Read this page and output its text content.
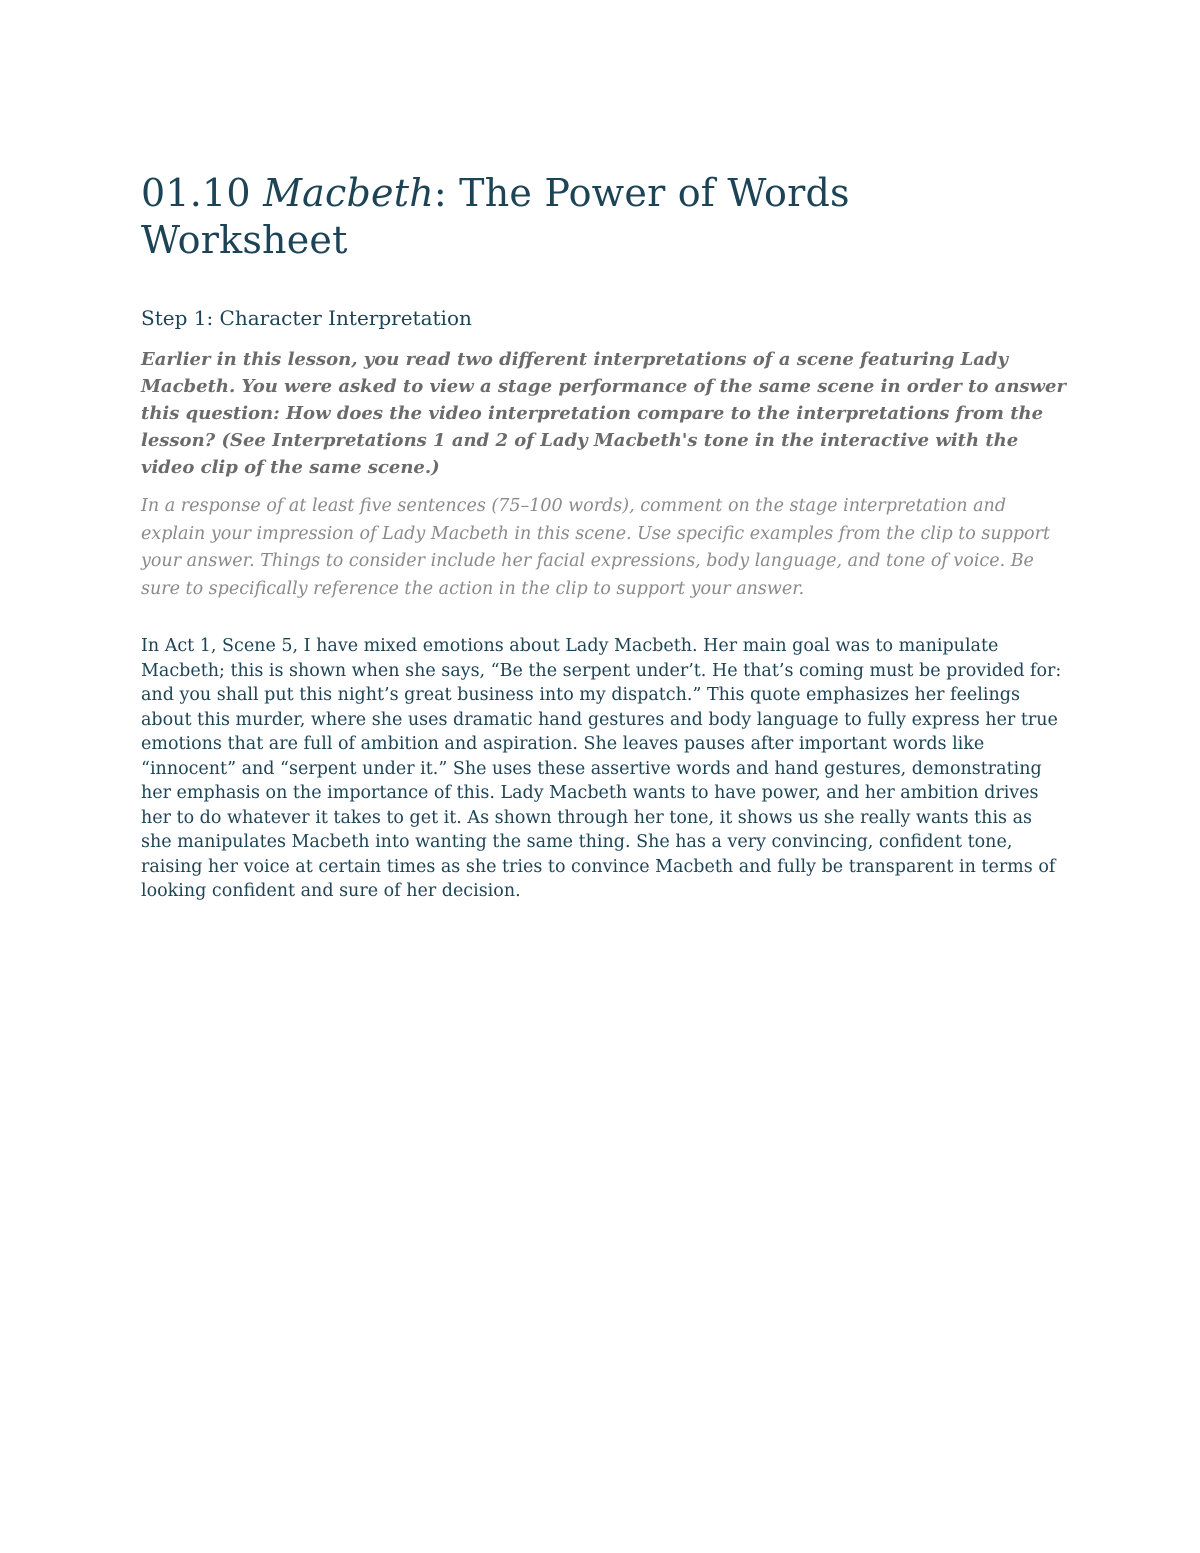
01.10 Macbeth: The Power of Words Worksheet
Step 1: Character Interpretation

Earlier in this lesson, you read two different interpretations of a scene featuring Lady Macbeth. You were asked to view a stage performance of the same scene in order to answer this question: How does the video interpretation compare to the interpretations from the lesson? (See Interpretations 1 and 2 of Lady Macbeth's tone in the interactive with the video clip of the same scene.)

In a response of at least five sentences (75–100 words), comment on the stage interpretation and explain your impression of Lady Macbeth in this scene. Use specific examples from the clip to support your answer. Things to consider include her facial expressions, body language, and tone of voice. Be sure to specifically reference the action in the clip to support your answer.

In Act 1, Scene 5, I have mixed emotions about Lady Macbeth. Her main goal was to manipulate Macbeth; this is shown when she says, “Be the serpent under’t. He that’s coming must be provided for: and you shall put this night’s great business into my dispatch.” This quote emphasizes her feelings about this murder, where she uses dramatic hand gestures and body language to fully express her true emotions that are full of ambition and aspiration. She leaves pauses after important words like “innocent” and “serpent under it.” She uses these assertive words and hand gestures, demonstrating her emphasis on the importance of this. Lady Macbeth wants to have power, and her ambition drives her to do whatever it takes to get it. As shown through her tone, it shows us she really wants this as she manipulates Macbeth into wanting the same thing. She has a very convincing, confident tone, raising her voice at certain times as she tries to convince Macbeth and fully be transparent in terms of looking confident and sure of her decision.
